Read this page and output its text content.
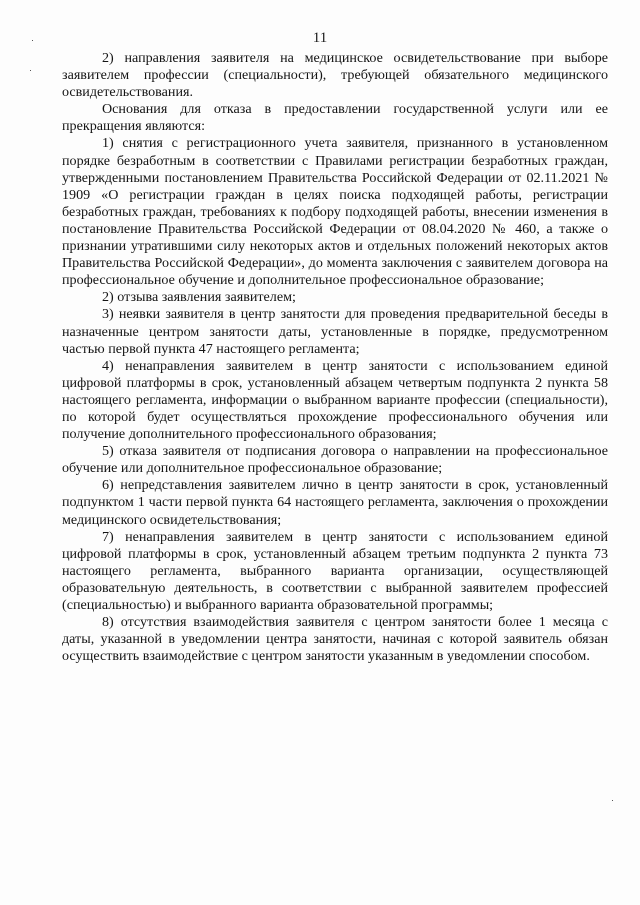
11

2) направления заявителя на медицинское освидетельствование при выборе заявителем профессии (специальности), требующей обязательного медицинского освидетельствования.

Основания для отказа в предоставлении государственной услуги или ее прекращения являются:

1) снятия с регистрационного учета заявителя, признанного в установленном порядке безработным в соответствии с Правилами регистрации безработных граждан, утвержденными постановлением Правительства Российской Федерации от 02.11.2021 № 1909 «О регистрации граждан в целях поиска подходящей работы, регистрации безработных граждан, требованиях к подбору подходящей работы, внесении изменения в постановление Правительства Российской Федерации от 08.04.2020 № 460, а также о признании утратившими силу некоторых актов и отдельных положений некоторых актов Правительства Российской Федерации», до момента заключения с заявителем договора на профессиональное обучение и дополнительное профессиональное образование;

2) отзыва заявления заявителем;

3) неявки заявителя в центр занятости для проведения предварительной беседы в назначенные центром занятости даты, установленные в порядке, предусмотренном частью первой пункта 47 настоящего регламента;

4) ненаправления заявителем в центр занятости с использованием единой цифровой платформы в срок, установленный абзацем четвертым подпункта 2 пункта 58 настоящего регламента, информации о выбранном варианте профессии (специальности), по которой будет осуществляться прохождение профессионального обучения или получение дополнительного профессионального образования;

5) отказа заявителя от подписания договора о направлении на профессиональное обучение или дополнительное профессиональное образование;

6) непредставления заявителем лично в центр занятости в срок, установленный подпунктом 1 части первой пункта 64 настоящего регламента, заключения о прохождении медицинского освидетельствования;

7) ненаправления заявителем в центр занятости с использованием единой цифровой платформы в срок, установленный абзацем третьим подпункта 2 пункта 73 настоящего регламента, выбранного варианта организации, осуществляющей образовательную деятельность, в соответствии с выбранной заявителем профессией (специальностью) и выбранного варианта образовательной программы;

8) отсутствия взаимодействия заявителя с центром занятости более 1 месяца с даты, указанной в уведомлении центра занятости, начиная с которой заявитель обязан осуществить взаимодействие с центром занятости указанным в уведомлении способом.
